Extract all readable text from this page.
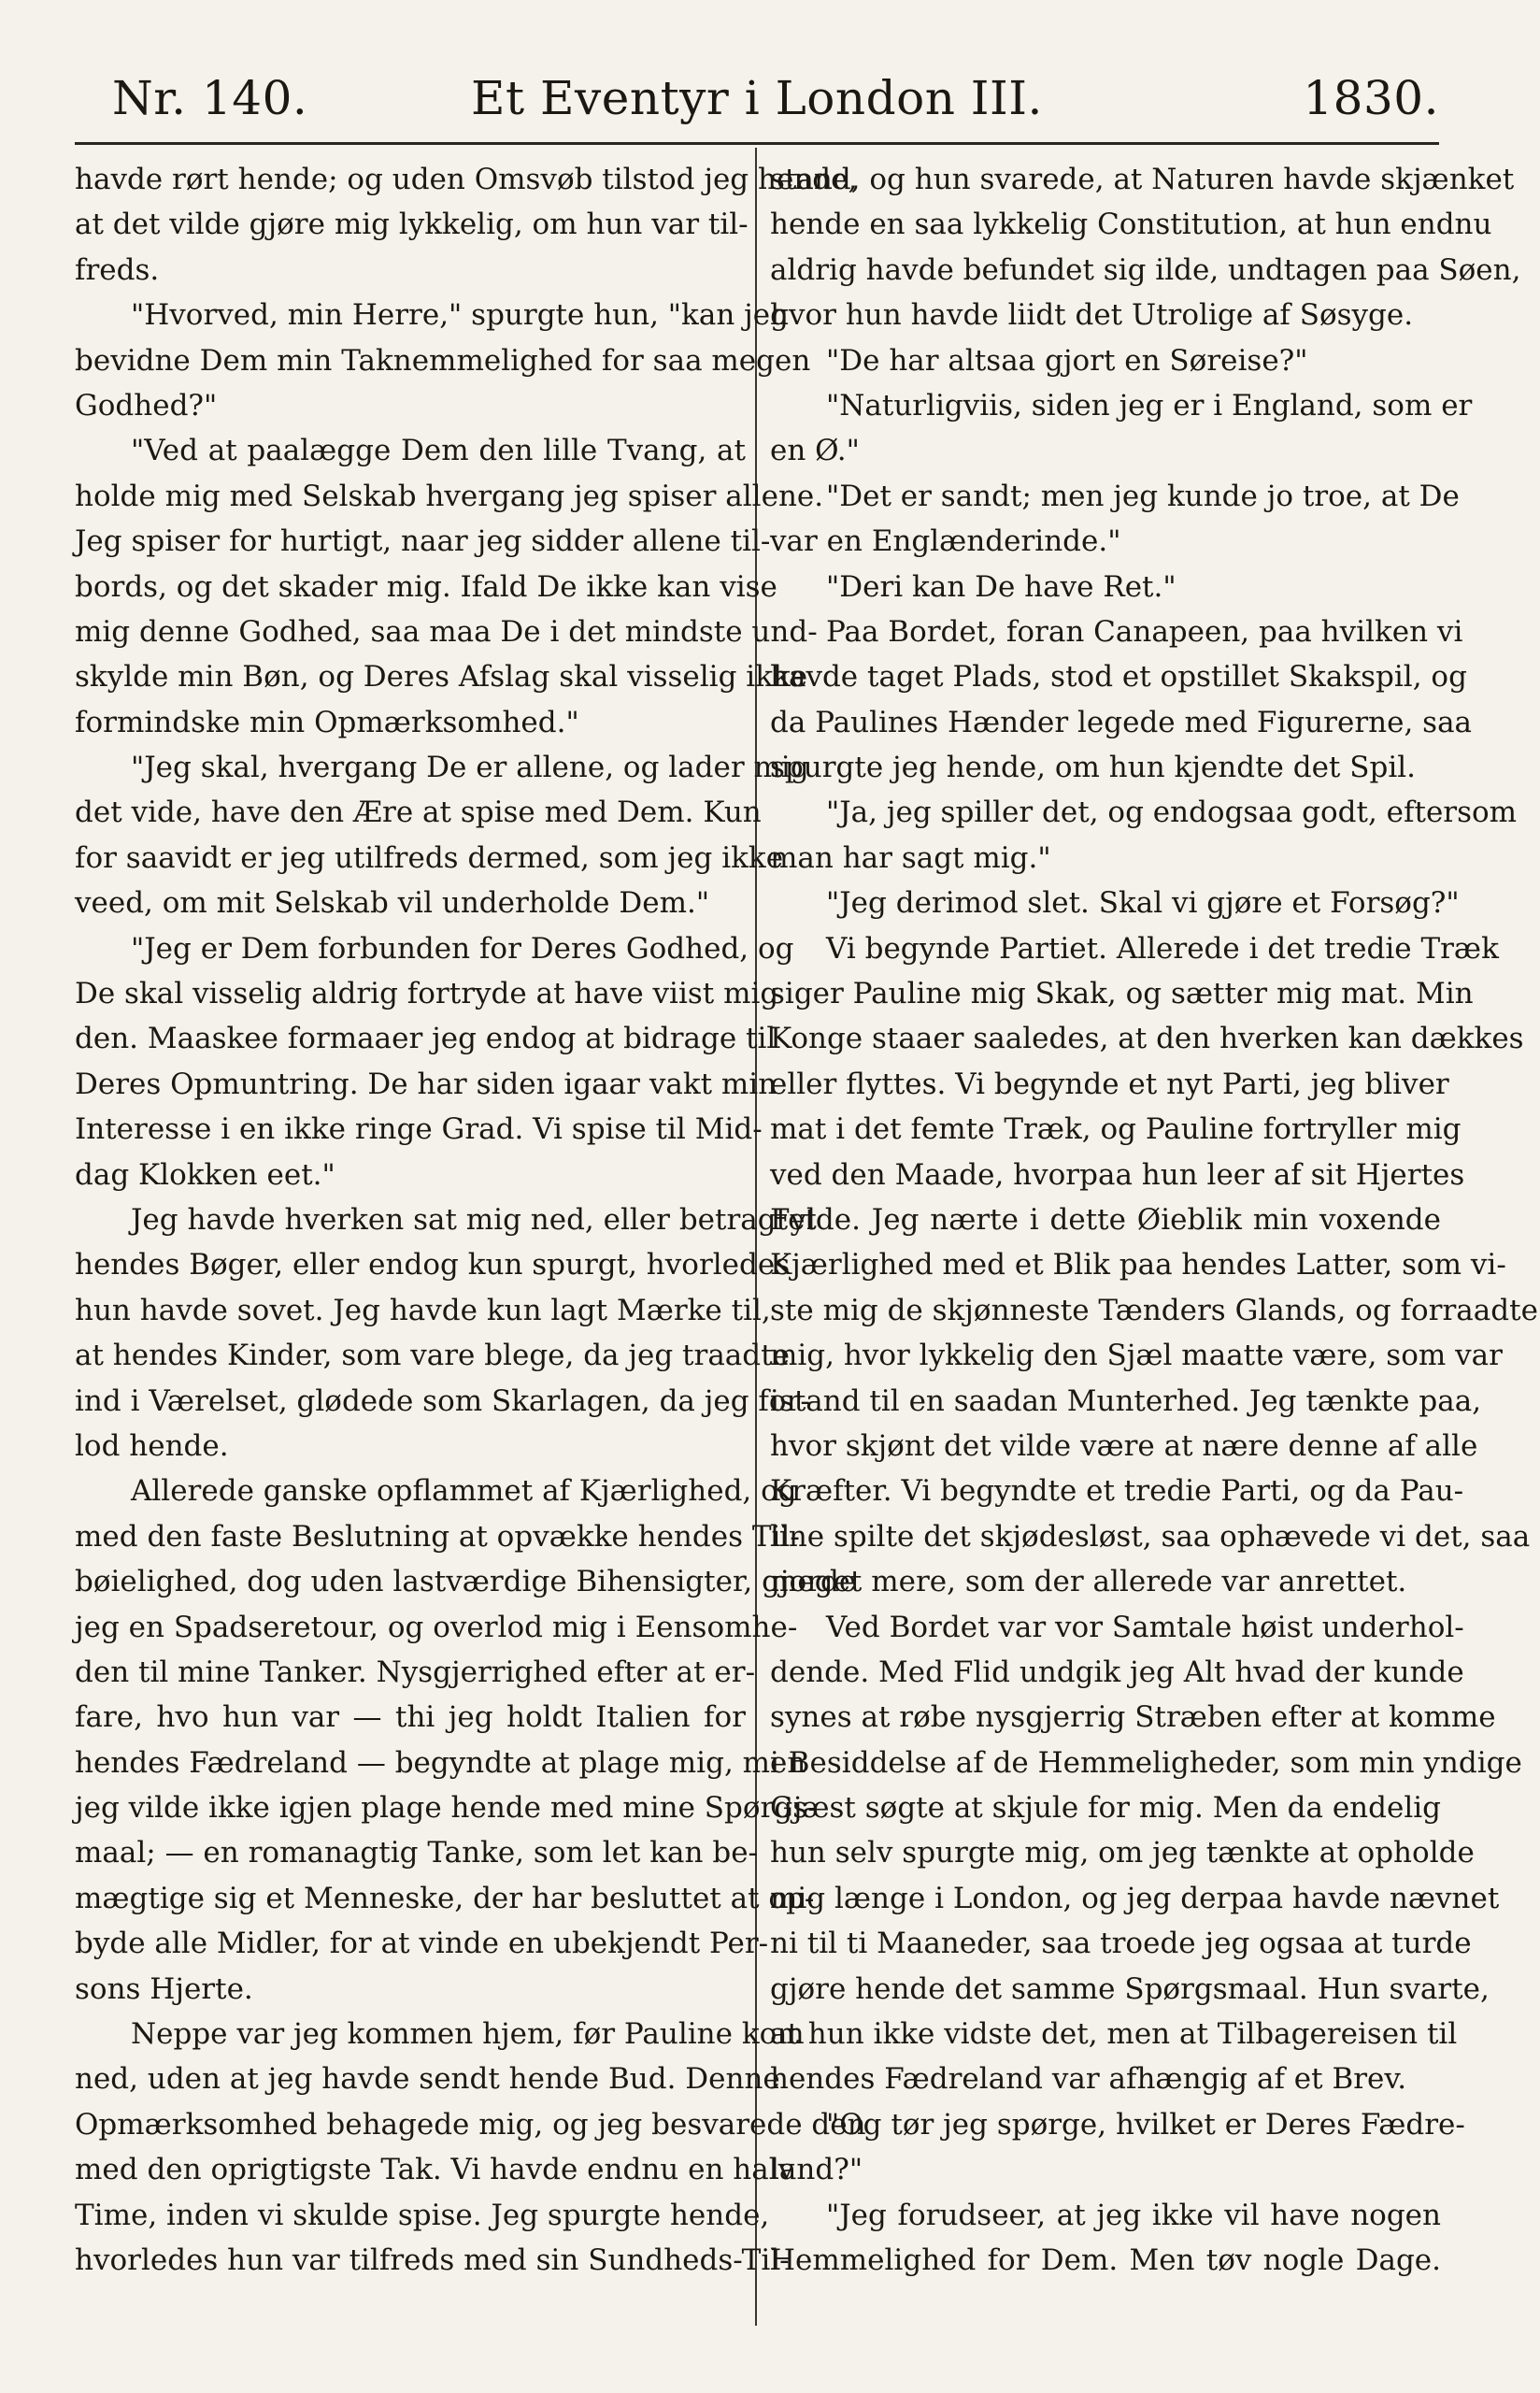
Nr. 140.	Et Eventyr i London III.	1830.
havde rørt hende; og uden Omsvøb tilstod jeg hende,
at det vilde gjøre mig lykkelig, om hun var til-
freds.
"Hvorved, min Herre," spurgte hun, "kan jeg
bevidne Dem min Taknemmelighed for saa megen
Godhed?"
"Ved at paalægge Dem den lille Tvang, at
holde mig med Selskab hvergang jeg spiser allene.
Jeg spiser for hurtigt, naar jeg sidder allene til-
bords, og det skader mig. Ifald De ikke kan vise
mig denne Godhed, saa maa De i det mindste und-
skylde min Bøn, og Deres Afslag skal visselig ikke
formindske min Opmærksomhed."
"Jeg skal, hvergang De er allene, og lader mig
det vide, have den Ære at spise med Dem. Kun
for saavidt er jeg utilfreds dermed, som jeg ikke
veed, om mit Selskab vil underholde Dem."
"Jeg er Dem forbunden for Deres Godhed, og
De skal visselig aldrig fortryde at have viist mig
den. Maaskee formaaer jeg endog at bidrage til
Deres Opmuntring. De har siden igaar vakt min
Interesse i en ikke ringe Grad. Vi spise til Mid-
dag Klokken eet."
Jeg havde hverken sat mig ned, eller betragtet
hendes Bøger, eller endog kun spurgt, hvorledes
hun havde sovet. Jeg havde kun lagt Mærke til,
at hendes Kinder, som vare blege, da jeg traadte
ind i Værelset, glødede som Skarlagen, da jeg for-
lod hende.
Allerede ganske opflammet af Kjærlighed, og
med den faste Beslutning at opvække hendes Til-
bøielighed, dog uden lastværdige Bihensigter, gjorde
jeg en Spadseretour, og overlod mig i Eensomhe-
den til mine Tanker. Nysgjerrighed efter at er-
fare, hvo hun var — thi jeg holdt Italien for
hendes Fædreland — begyndte at plage mig, men
jeg vilde ikke igjen plage hende med mine Spørgs-
maal; — en romanagtig Tanke, som let kan be-
mægtige sig et Menneske, der har besluttet at op-
byde alle Midler, for at vinde en ubekjendt Per-
sons Hjerte.
Neppe var jeg kommen hjem, før Pauline kom
ned, uden at jeg havde sendt hende Bud. Denne
Opmærksomhed behagede mig, og jeg besvarede den
med den oprigtigste Tak. Vi havde endnu en halv
Time, inden vi skulde spise. Jeg spurgte hende,
hvorledes hun var tilfreds med sin Sundheds-Til-
stand, og hun svarede, at Naturen havde skjænket
hende en saa lykkelig Constitution, at hun endnu
aldrig havde befundet sig ilde, undtagen paa Søen,
hvor hun havde liidt det Utrolige af Søsyge.
"De har altsaa gjort en Søreise?"
"Naturligviis, siden jeg er i England, som er
en Ø."
"Det er sandt; men jeg kunde jo troe, at De
var en Englænderinde."
"Deri kan De have Ret."
Paa Bordet, foran Canapeen, paa hvilken vi
havde taget Plads, stod et opstillet Skakspil, og
da Paulines Hænder legede med Figurerne, saa
spurgte jeg hende, om hun kjendte det Spil.
"Ja, jeg spiller det, og endogsaa godt, eftersom
man har sagt mig."
"Jeg derimod slet. Skal vi gjøre et Forsøg?"
Vi begynde Partiet. Allerede i det tredie Træk
siger Pauline mig Skak, og sætter mig mat. Min
Konge staaer saaledes, at den hverken kan dækkes
eller flyttes. Vi begynde et nyt Parti, jeg bliver
mat i det femte Træk, og Pauline fortryller mig
ved den Maade, hvorpaa hun leer af sit Hjertes
Fylde. Jeg nærte i dette Øieblik min voxende
Kjærlighed med et Blik paa hendes Latter, som vi-
ste mig de skjønneste Tænders Glands, og forraadte
mig, hvor lykkelig den Sjæl maatte være, som var
istand til en saadan Munterhed. Jeg tænkte paa,
hvor skjønt det vilde være at nære denne af alle
Kræfter. Vi begyndte et tredie Parti, og da Pau-
line spilte det skjødesløst, saa ophævede vi det, saa
meget mere, som der allerede var anrettet.
Ved Bordet var vor Samtale høist underhol-
dende. Med Flid undgik jeg Alt hvad der kunde
synes at røbe nysgjerrig Stræben efter at komme
i Besiddelse af de Hemmeligheder, som min yndige
Gjæst søgte at skjule for mig. Men da endelig
hun selv spurgte mig, om jeg tænkte at opholde
mig længe i London, og jeg derpaa havde nævnet
ni til ti Maaneder, saa troede jeg ogsaa at turde
gjøre hende det samme Spørgsmaal. Hun svarte,
at hun ikke vidste det, men at Tilbagereisen til
hendes Fædreland var afhængig af et Brev.
"Og tør jeg spørge, hvilket er Deres Fædre-
land?"
"Jeg forudseer, at jeg ikke vil have nogen
Hemmelighed for Dem. Men tøv nogle Dage.
